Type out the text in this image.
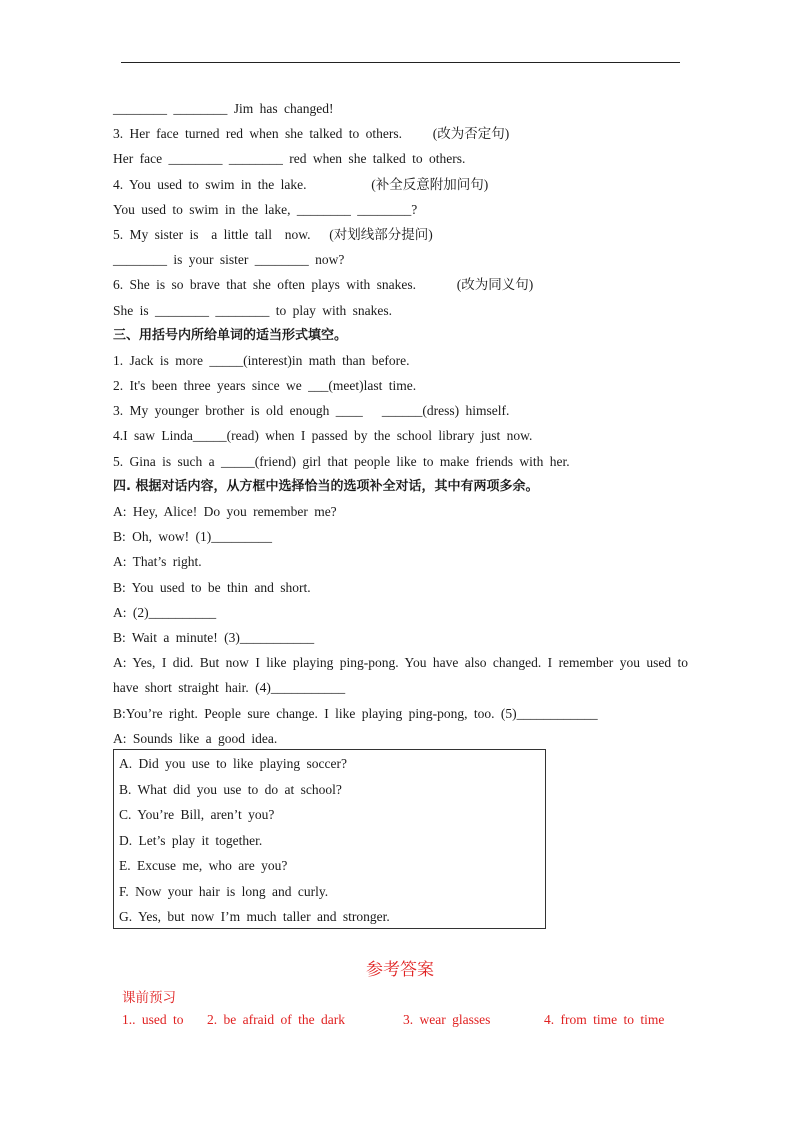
________ ________ Jim has changed!
3. Her face turned red when she talked to others. (改为否定句)
Her face ________ ________ red when she talked to others.
4. You used to swim in the lake.	(补全反意附加问句)
You used to swim in the lake, ________ ________?
5. My sister is  a little tall  now. (对划线部分提问)
________ is your sister ________ now?
6. She is so brave that she often plays with snakes.	(改为同义句)
She is ________ ________ to play with snakes.
三、用括号内所给单词的适当形式填空。
1. Jack is more _____(interest)in math than before.
2. It's been three years since we ___(meet)last time.
3. My younger brother is old enough ____   ______(dress) himself.
4.I saw Linda_____(read) when I passed by the school library just now.
5. Gina is such a _____(friend) girl that people like to make friends with her.
四. 根据对话内容，从方框中选择恰当的选项补全对话，其中有两项多余。
A: Hey, Alice! Do you remember me?
B: Oh, wow! (1)_________
A: That’s right.
B: You used to be thin and short.
A: (2)__________
B: Wait a minute! (3)___________
A: Yes, I did. But now I like playing ping-pong. You have also changed. I remember you used to have short straight hair. (4)___________
B:You’re right. People sure change. I like playing ping-pong, too. (5)____________
A: Sounds like a good idea.
A. Did you use to like playing soccer?
B. What did you use to do at school?
C. You’re Bill, aren’t you?
D. Let’s play it together.
E. Excuse me, who are you?
F. Now your hair is long and curly.
G. Yes, but now I’m much taller and stronger.
参考答案
课前预习
1.. used to 2. be afraid of the dark	3. wear glasses	4. from time to time
